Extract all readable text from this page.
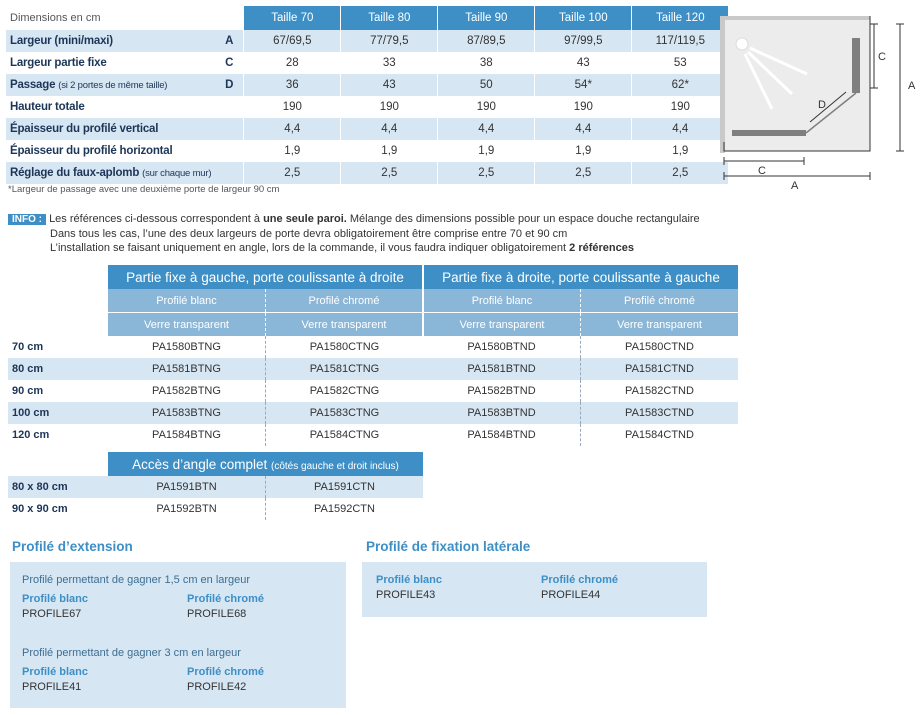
Dimensions en cm		Taille 70	Taille 80	Taille 90	Taille 100	Taille 120
Largeur (mini/maxi)	A	67/69,5	77/79,5	87/89,5	97/99,5	117/119,5
Largeur partie fixe	C	28	33	38	43	53
Passage (si 2 portes de même taille)	D	36	43	50	54*	62*
Hauteur totale		190	190	190	190	190
Épaisseur du profilé vertical		4,4	4,4	4,4	4,4	4,4
Épaisseur du profilé horizontal		1,9	1,9	1,9	1,9	1,9
Réglage du faux-aplomb (sur chaque mur)		2,5	2,5	2,5	2,5	2,5
*Largeur de passage avec une deuxième porte de largeur 90 cm
C
A
D
C
A
INFO : Les références ci-dessous correspondent à une seule paroi. Mélange des dimensions possible pour un espace douche rectangulaire
Dans tous les cas, l’une des deux largeurs de porte devra obligatoirement être comprise entre 70 et 90 cm
L’installation se faisant uniquement en angle, lors de la commande, il vous faudra indiquer obligatoirement 2 références
	Partie fixe à gauche, porte coulissante à droite		Partie fixe à droite, porte coulissante à gauche	
	Profilé blanc	Profilé chromé	Profilé blanc	Profilé chromé
	Verre transparent	Verre transparent	Verre transparent	Verre transparent
70 cm	PA1580BTNG	PA1580CTNG	PA1580BTND	PA1580CTND
80 cm	PA1581BTNG	PA1581CTNG	PA1581BTND	PA1581CTND
90 cm	PA1582BTNG	PA1582CTNG	PA1582BTND	PA1582CTND
100 cm	PA1583BTNG	PA1583CTNG	PA1583BTND	PA1583CTND
120 cm	PA1584BTNG	PA1584CTNG	PA1584BTND	PA1584CTND

	Accès d’angle complet (côtés gauche et droit inclus)			
80 x 80 cm	PA1591BTN	PA1591CTN		
90 x 90 cm	PA1592BTN	PA1592CTN		
Profilé d’extension
Profilé permettant de gagner 1,5 cm en largeur
Profilé blanc
PROFILE67
Profilé chromé
PROFILE68
Profilé permettant de gagner 3 cm en largeur
Profilé blanc
PROFILE41
Profilé chromé
PROFILE42
Profilé de fixation latérale
Profilé blanc
PROFILE43
Profilé chromé
PROFILE44
